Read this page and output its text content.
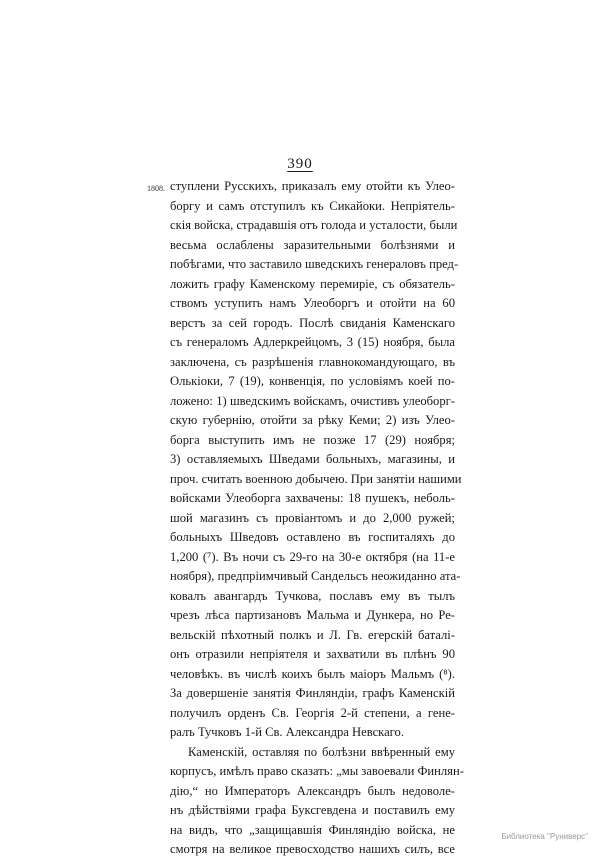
390
1808. ступлени Русскихъ, приказалъ ему отойти къ Улео-
боргу и самъ отступилъ къ Сикайоки. Непріятель-
скія войска, страдавшія отъ голода и усталости, были
весьма ослаблены заразительными болѣзнями и
побѣгами, что заставило шведскихъ генераловъ пред-
ложить графу Каменскому перемиріе, съ обязатель-
ствомъ уступить намъ Улеоборгъ и отойти на 60
верстъ за сей городъ. Послѣ свиданія Каменскаго
съ генераломъ Адлеркрейцомъ, 3 (15) ноября, была
заключена, съ разрѣшенія главнокомандующаго, въ
Олькіоки, 7 (19), конвенція, по условіямъ коей по-
ложено: 1) шведскимъ войскамъ, очистивъ улеоборг-
скую губернію, отойти за рѣку Кеми; 2) изъ Улео-
борга выступить имъ не позже 17 (29) ноября;
3) оставляемыхъ Шведами больныхъ, магазины, и
проч. считать военною добычею. При занятіи нашими
войсками Улеоборга захвачены: 18 пушекъ, неболь-
шой магазинъ съ провіантомъ и до 2,000 ружей;
больныхъ Шведовъ оставлено въ госпиталяхъ до
1,200 (⁷). Въ ночи съ 29-го на 30-е октября (на 11-е
ноября), предпріимчивый Сандельсъ неожиданно ата-
ковалъ авангардъ Тучкова, пославъ ему въ тылъ
чрезъ лѣса партизановъ Мальма и Дункера, но Ре-
вельскій пѣхотный полкъ и Л. Гв. егерскій баталі-
онъ отразили непріятеля и захватили въ плѣнъ 90
человѣкъ. въ числѣ коихъ былъ маіоръ Мальмъ (⁸).
За довершеніе занятія Финляндіи, графъ Каменскій
получилъ орденъ Св. Георгія 2-й степени, а гене-
ралъ Тучковъ 1-й Св. Александра Невскаго.
Каменскій, оставляя по болѣзни ввѣренный ему
корпусъ, имѣлъ право сказать: „мы завоевали Финлян-
дію,“ но Императоръ Александръ былъ недоволе-
нъ дѣйствіями графа Буксгевдена и поставилъ ему
на видъ, что „защищавшія Финляндію войска, не
смотря на великое превосходство нашихъ силъ, все
Библиотека "Руниверс"
